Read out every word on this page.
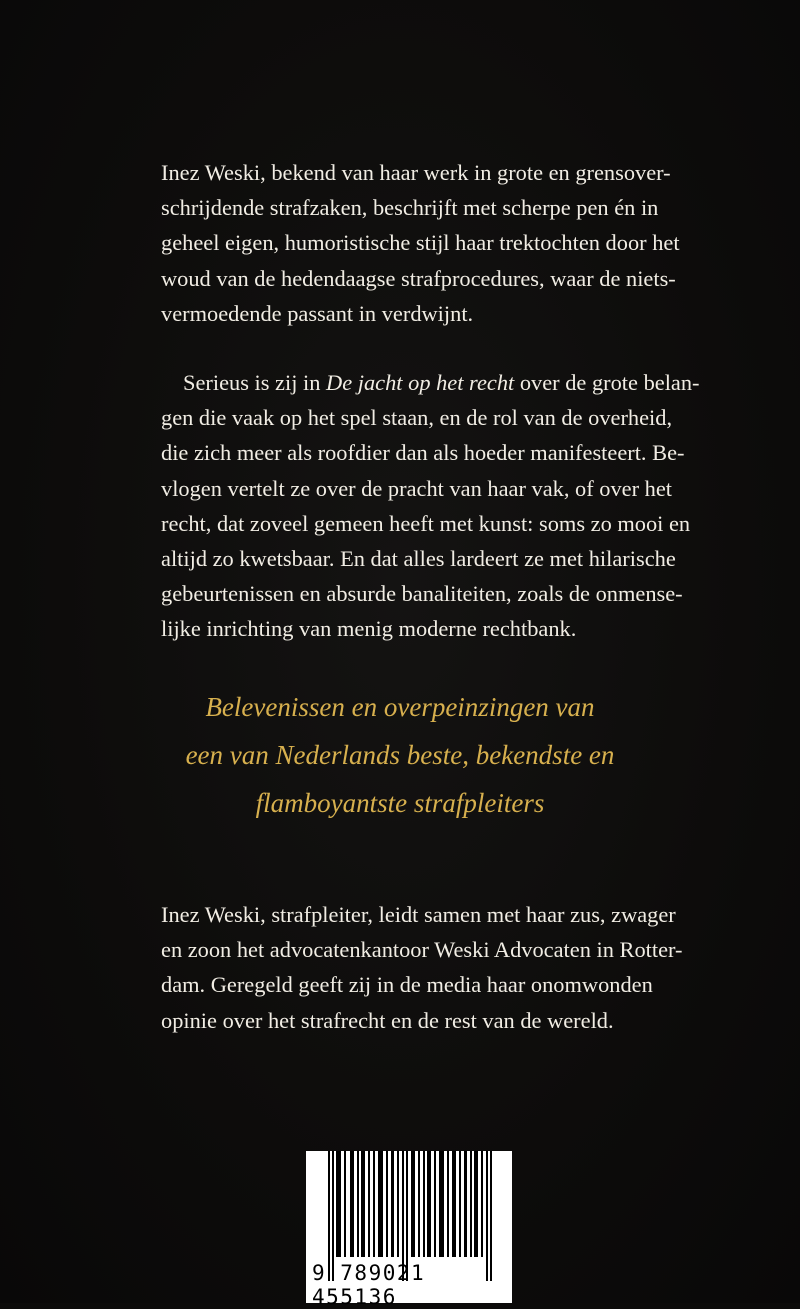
Inez Weski, bekend van haar werk in grote en grensover-
schrijdende strafzaken, beschrijft met scherpe pen én in
geheel eigen, humoristische stijl haar trektochten door het
woud van de hedendaagse strafprocedures, waar de niets-
vermoedende passant in verdwijnt.
Serieus is zij in De jacht op het recht over de grote belan-
gen die vaak op het spel staan, en de rol van de overheid,
die zich meer als roofdier dan als hoeder manifesteert. Be-
vlogen vertelt ze over de pracht van haar vak, of over het
recht, dat zoveel gemeen heeft met kunst: soms zo mooi en
altijd zo kwetsbaar. En dat alles lardeert ze met hilarische
gebeurtenissen en absurde banaliteiten, zoals de onmense-
lijke inrichting van menig moderne rechtbank.
Belevenissen en overpeinzingen van
een van Nederlands beste, bekendste en
flamboyantste strafpleiters
Inez Weski, strafpleiter, leidt samen met haar zus, zwager
en zoon het advocatenkantoor Weski Advocaten in Rotter-
dam. Geregeld geeft zij in de media haar onomwonden
opinie over het strafrecht en de rest van de wereld.
9 789021 455136
